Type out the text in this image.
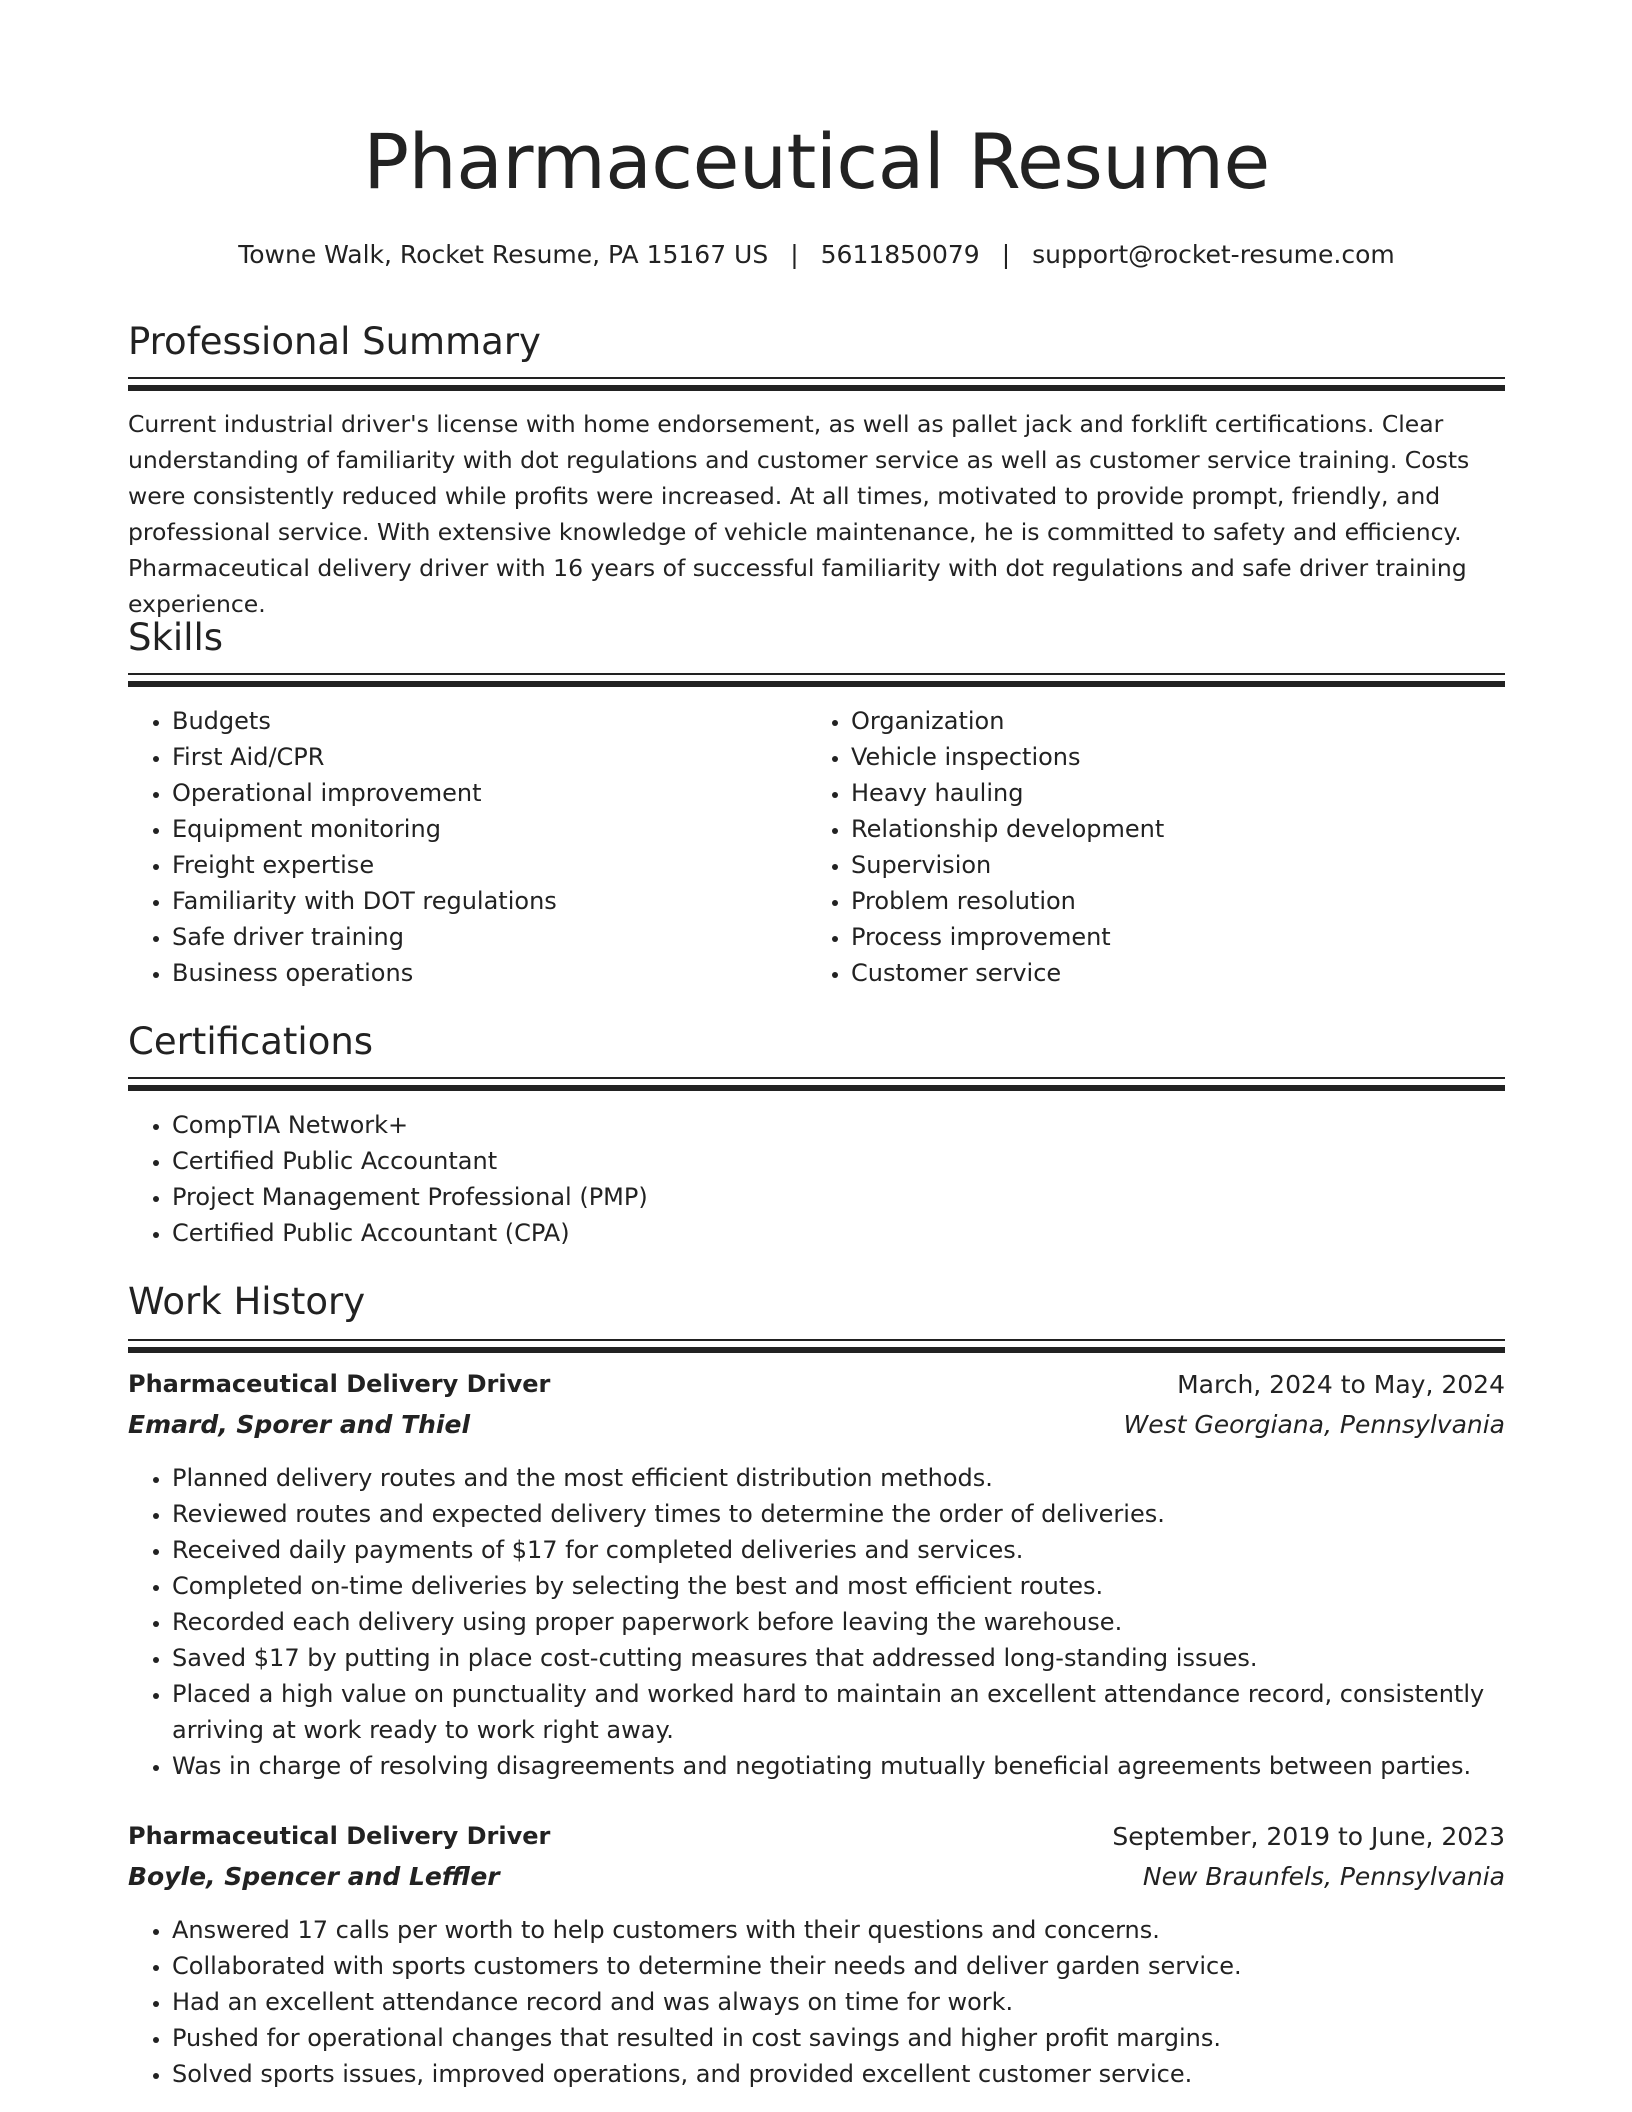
Pharmaceutical Resume
Towne Walk, Rocket Resume, PA 15167 US | 5611850079 | support@rocket-resume.com
Professional Summary
Current industrial driver's license with home endorsement, as well as pallet jack and forklift certifications. Clear understanding of familiarity with dot regulations and customer service as well as customer service training. Costs were consistently reduced while profits were increased. At all times, motivated to provide prompt, friendly, and professional service. With extensive knowledge of vehicle maintenance, he is committed to safety and efficiency. Pharmaceutical delivery driver with 16 years of successful familiarity with dot regulations and safe driver training experience.
Skills
• Budgets
• First Aid/CPR
• Operational improvement
• Equipment monitoring
• Freight expertise
• Familiarity with DOT regulations
• Safe driver training
• Business operations
• Organization
• Vehicle inspections
• Heavy hauling
• Relationship development
• Supervision
• Problem resolution
• Process improvement
• Customer service
Certifications
• CompTIA Network+
• Certified Public Accountant
• Project Management Professional (PMP)
• Certified Public Accountant (CPA)
Work History
Pharmaceutical Delivery Driver	March, 2024 to May, 2024
Emard, Sporer and Thiel	West Georgiana, Pennsylvania
• Planned delivery routes and the most efficient distribution methods.
• Reviewed routes and expected delivery times to determine the order of deliveries.
• Received daily payments of $17 for completed deliveries and services.
• Completed on-time deliveries by selecting the best and most efficient routes.
• Recorded each delivery using proper paperwork before leaving the warehouse.
• Saved $17 by putting in place cost-cutting measures that addressed long-standing issues.
• Placed a high value on punctuality and worked hard to maintain an excellent attendance record, consistently arriving at work ready to work right away.
• Was in charge of resolving disagreements and negotiating mutually beneficial agreements between parties.
Pharmaceutical Delivery Driver	September, 2019 to June, 2023
Boyle, Spencer and Leffler	New Braunfels, Pennsylvania
• Answered 17 calls per worth to help customers with their questions and concerns.
• Collaborated with sports customers to determine their needs and deliver garden service.
• Had an excellent attendance record and was always on time for work.
• Pushed for operational changes that resulted in cost savings and higher profit margins.
• Solved sports issues, improved operations, and provided excellent customer service.
